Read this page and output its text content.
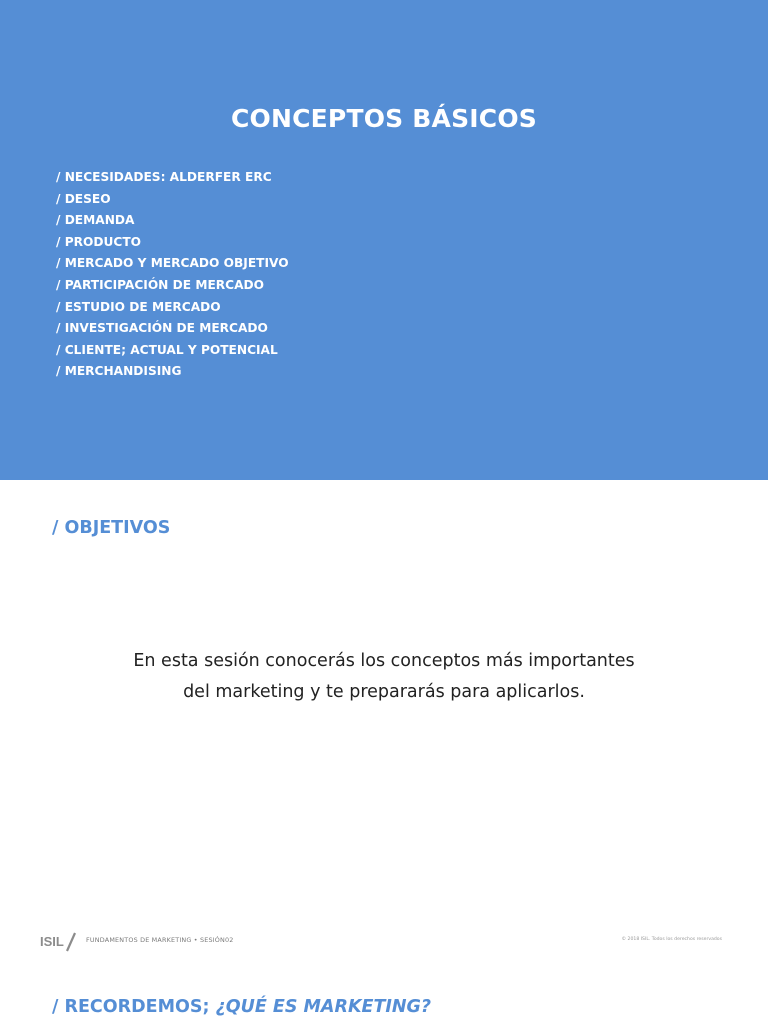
CONCEPTOS BÁSICOS
/ NECESIDADES: ALDERFER ERC
/ DESEO
/ DEMANDA
/ PRODUCTO
/ MERCADO Y MERCADO OBJETIVO
/ PARTICIPACIÓN DE MERCADO
/ ESTUDIO DE MERCADO
/ INVESTIGACIÓN DE MERCADO
/ CLIENTE; ACTUAL Y POTENCIAL
/ MERCHANDISING
/ OBJETIVOS

En esta sesión conocerás los conceptos más importantes del marketing y te prepararás para aplicarlos.

ISIL	FUNDAMENTOS DE MARKETING • SESIÓN02	© 2018 ISIL. Todos los derechos reservados
/ RECORDEMOS; ¿QUÉ ES MARKETING?
